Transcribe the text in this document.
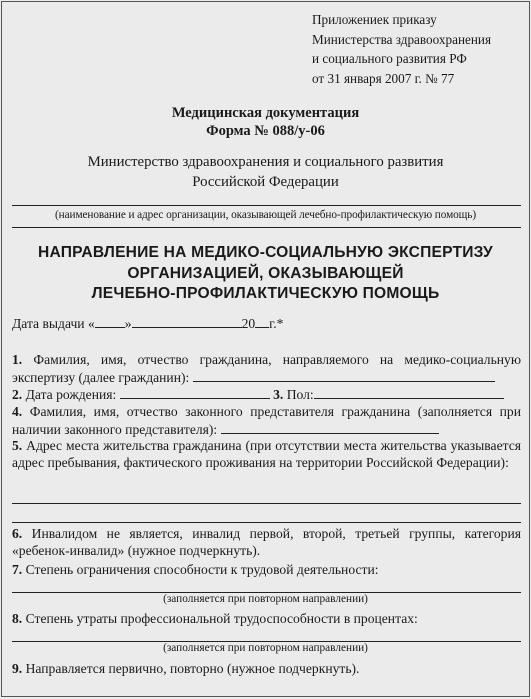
Приложениек приказу
Министерства здравоохранения
и социального развития РФ
от 31 января 2007 г. № 77
Медицинская документация
Форма № 088/у-06
Министерство здравоохранения и социального развития
Российской Федерации
(наименование и адрес организации, оказывающей лечебно-профилактическую помощь)
НАПРАВЛЕНИЕ НА МЕДИКО-СОЦИАЛЬНУЮ ЭКСПЕРТИЗУ
ОРГАНИЗАЦИЕЙ, ОКАЗЫВАЮЩЕЙ
ЛЕЧЕБНО-ПРОФИЛАКТИЧЕСКУЮ ПОМОЩЬ
Дата выдачи « »	20 г.*
1. Фамилия, имя, отчество гражданина, направляемого на медико-социальную экспертизу (далее гражданин):
2. Дата рождения:	3. Пол:
4. Фамилия, имя, отчество законного представителя гражданина (заполняется при наличии законного представителя):
5. Адрес места жительства гражданина (при отсутствии места жительства указывается адрес пребывания, фактического проживания на территории Российской Федерации):
6. Инвалидом не является, инвалид первой, второй, третьей группы, категория «ребенок-инвалид» (нужное подчеркнуть).
7. Степень ограничения способности к трудовой деятельности:
(заполняется при повторном направлении)
8. Степень утраты профессиональной трудоспособности в процентах:
(заполняется при повторном направлении)
9. Направляется первично, повторно (нужное подчеркнуть).
